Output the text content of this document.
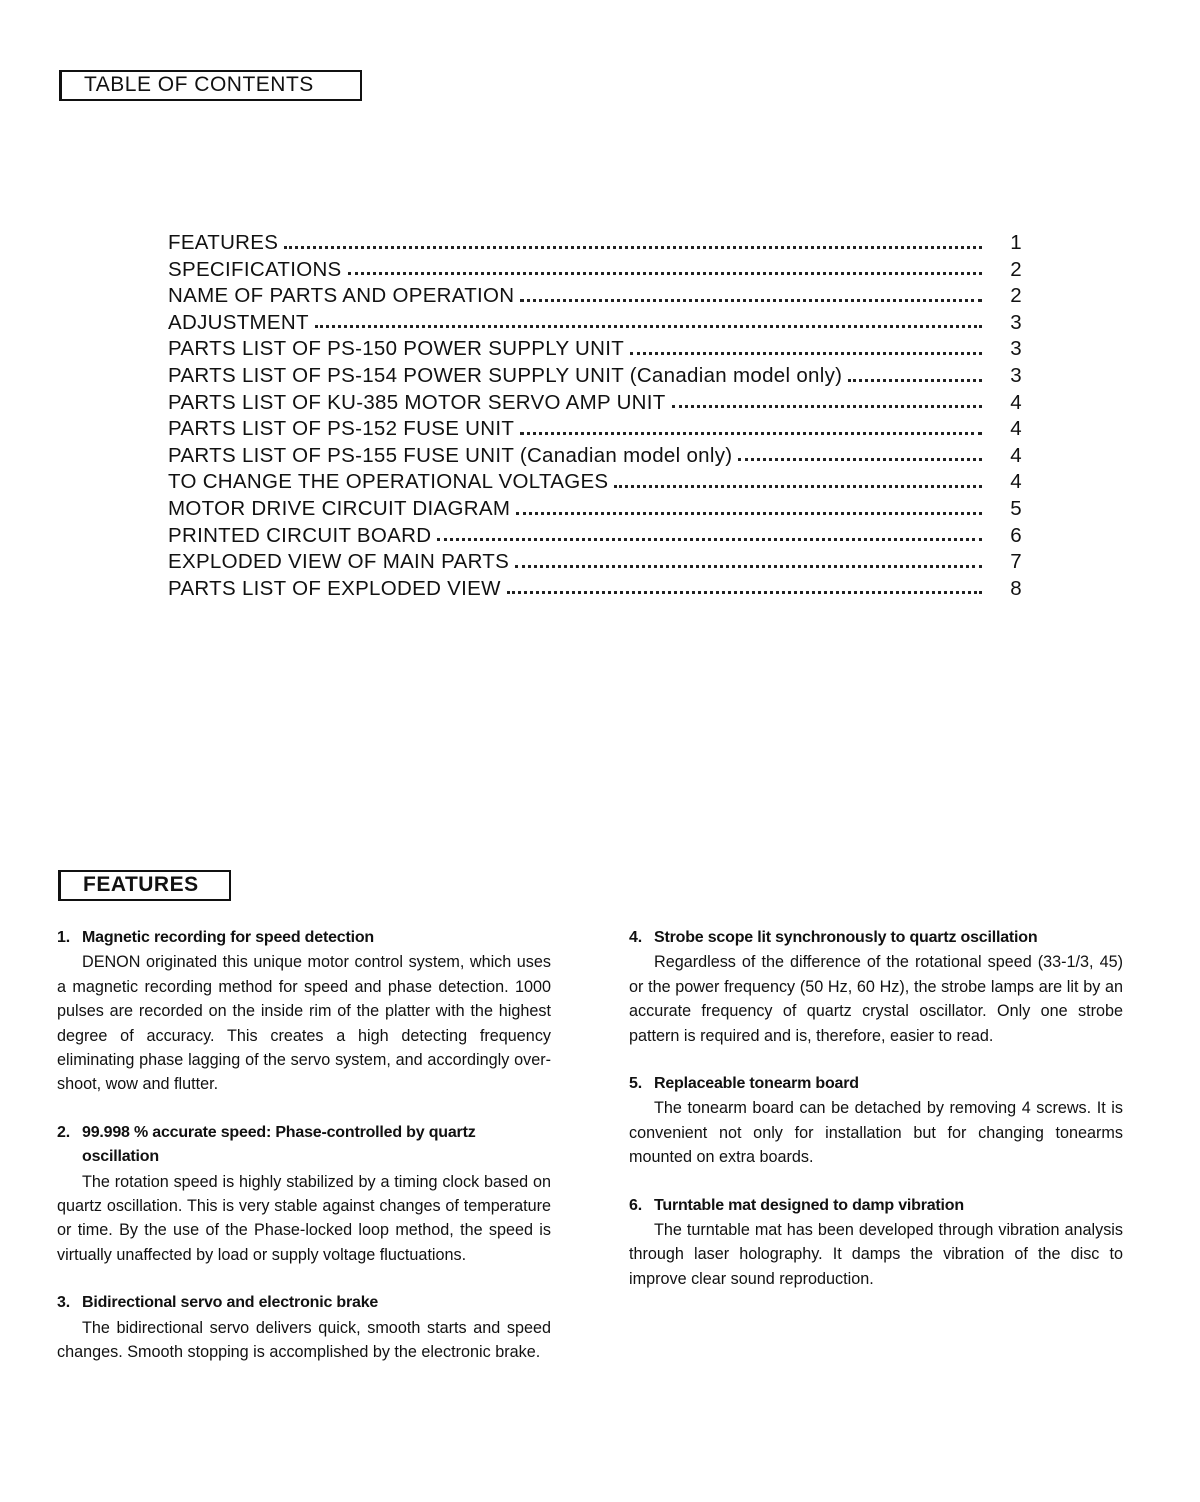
TABLE OF CONTENTS
FEATURES	1
SPECIFICATIONS	2
NAME OF PARTS AND OPERATION	2
ADJUSTMENT	3
PARTS LIST OF PS-150 POWER SUPPLY UNIT	3
PARTS LIST OF PS-154 POWER SUPPLY UNIT (Canadian model only)	3
PARTS LIST OF KU-385 MOTOR SERVO AMP UNIT	4
PARTS LIST OF PS-152 FUSE UNIT	4
PARTS LIST OF PS-155 FUSE UNIT (Canadian model only)	4
TO CHANGE THE OPERATIONAL VOLTAGES	4
MOTOR DRIVE CIRCUIT DIAGRAM	5
PRINTED CIRCUIT BOARD	6
EXPLODED VIEW OF MAIN PARTS	7
PARTS LIST OF EXPLODED VIEW	8
FEATURES
1. Magnetic recording for speed detection

DENON originated this unique motor control system, which uses a magnetic recording method for speed and phase detection. 1000 pulses are recorded on the inside rim of the platter with the highest degree of accuracy. This creates a high detecting frequency eliminating phase lagging of the servo system, and accordingly over-shoot, wow and flutter.

2. 99.998 % accurate speed: Phase-controlled by quartz oscillation

The rotation speed is highly stabilized by a timing clock based on quartz oscillation. This is very stable against changes of temperature or time. By the use of the Phase-locked loop method, the speed is virtually unaffected by load or supply voltage fluctuations.

3. Bidirectional servo and electronic brake

The bidirectional servo delivers quick, smooth starts and speed changes. Smooth stopping is accomplished by the electronic brake.

4. Strobe scope lit synchronously to quartz oscillation

Regardless of the difference of the rotational speed (33-1/3, 45) or the power frequency (50 Hz, 60 Hz), the strobe lamps are lit by an accurate frequency of quartz crystal oscillator. Only one strobe pattern is required and is, therefore, easier to read.

5. Replaceable tonearm board

The tonearm board can be detached by removing 4 screws. It is convenient not only for installation but for changing tonearms mounted on extra boards.

6. Turntable mat designed to damp vibration

The turntable mat has been developed through vibration analysis through laser holography. It damps the vibration of the disc to improve clear sound reproduction.
